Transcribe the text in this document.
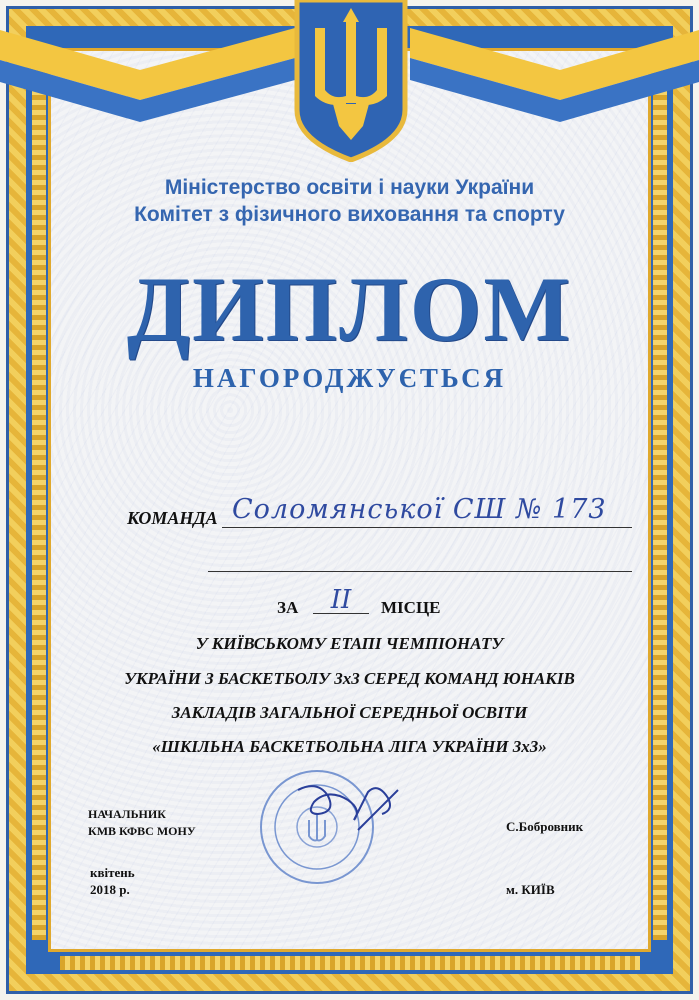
Міністерство освіти і науки України
Комітет з фізичного виховання та спорту
ДИПЛОМ
НАГОРОДЖУЄТЬСЯ
КОМАНДА Соломянської СШ № 173
ЗА	II	МІСЦЕ
У КИЇВСЬКОМУ ЕТАПІ ЧЕМПІОНАТУ
УКРАЇНИ З БАСКЕТБОЛУ 3х3 СЕРЕД КОМАНД ЮНАКІВ
ЗАКЛАДІВ ЗАГАЛЬНОЇ СЕРЕДНЬОЇ ОСВІТИ
«ШКІЛЬНА БАСКЕТБОЛЬНА ЛІГА УКРАЇНИ 3х3»
НАЧАЛЬНИК
КМВ КФВС МОНУ	С.Бобровник
квітень
2018 р.	м. КИЇВ
